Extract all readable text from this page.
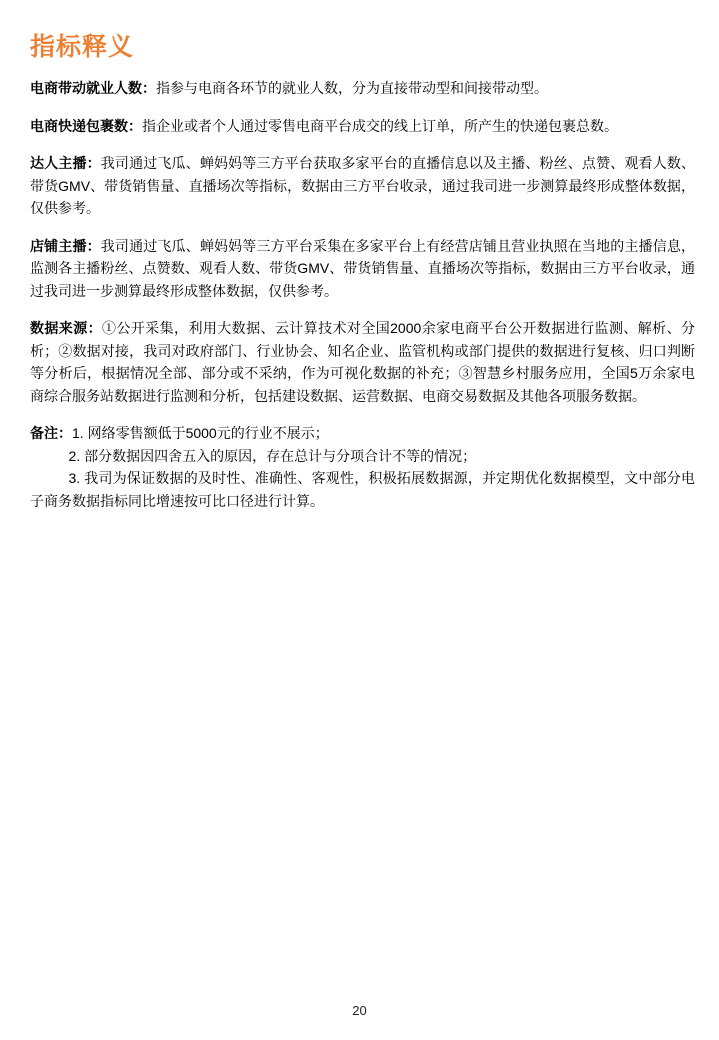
指标释义

电商带动就业人数：指参与电商各环节的就业人数，分为直接带动型和间接带动型。

电商快递包裹数：指企业或者个人通过零售电商平台成交的线上订单，所产生的快递包裹总数。

达人主播：我司通过飞瓜、蝉妈妈等三方平台获取多家平台的直播信息以及主播、粉丝、点赞、观看人数、带货GMV、带货销售量、直播场次等指标，数据由三方平台收录，通过我司进一步测算最终形成整体数据，仅供参考。

店铺主播：我司通过飞瓜、蝉妈妈等三方平台采集在多家平台上有经营店铺且营业执照在当地的主播信息，监测各主播粉丝、点赞数、观看人数、带货GMV、带货销售量、直播场次等指标，数据由三方平台收录，通过我司进一步测算最终形成整体数据，仅供参考。

数据来源：①公开采集，利用大数据、云计算技术对全国2000余家电商平台公开数据进行监测、解析、分析；②数据对接，我司对政府部门、行业协会、知名企业、监管机构或部门提供的数据进行复核、归口判断等分析后，根据情况全部、部分或不采纳，作为可视化数据的补充；③智慧乡村服务应用，全国5万余家电商综合服务站数据进行监测和分析，包括建设数据、运营数据、电商交易数据及其他各项服务数据。

备注：1. 网络零售额低于5000元的行业不展示；

2. 部分数据因四舍五入的原因，存在总计与分项合计不等的情况；

3. 我司为保证数据的及时性、准确性、客观性，积极拓展数据源，并定期优化数据模型，文中部分电子商务数据指标同比增速按可比口径进行计算。

20
